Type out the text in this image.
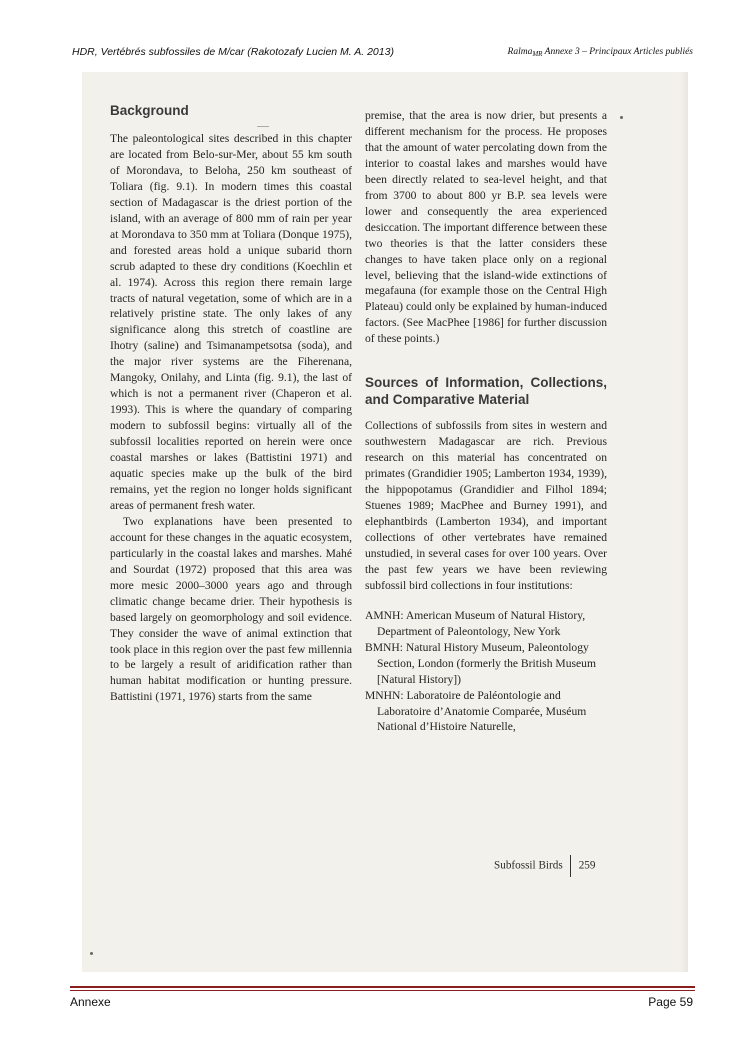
HDR, Vertébrés subfossiles de M/car (Rakotozafy Lucien M. A. 2013)	Ralma$_{MR}$ Annexe 3 – Principaux Articles publiés
Background

The paleontological sites described in this chapter are located from Belo-sur-Mer, about 55 km south of Morondava, to Beloha, 250 km southeast of Toliara (fig. 9.1). In modern times this coastal section of Madagascar is the driest portion of the island, with an average of 800 mm of rain per year at Morondava to 350 mm at Toliara (Donque 1975), and forested areas hold a unique subarid thorn scrub adapted to these dry conditions (Koechlin et al. 1974). Across this region there remain large tracts of natural vegetation, some of which are in a relatively pristine state. The only lakes of any significance along this stretch of coastline are Ihotry (saline) and Tsimanampetsotsa (soda), and the major river systems are the Fiherenana, Mangoky, Onilahy, and Linta (fig. 9.1), the last of which is not a permanent river (Chaperon et al. 1993). This is where the quandary of comparing modern to subfossil begins: virtually all of the subfossil localities reported on herein were once coastal marshes or lakes (Battistini 1971) and aquatic species make up the bulk of the bird remains, yet the region no longer holds significant areas of permanent fresh water.

Two explanations have been presented to account for these changes in the aquatic ecosystem, particularly in the coastal lakes and marshes. Mahé and Sourdat (1972) proposed that this area was more mesic 2000–3000 years ago and through climatic change became drier. Their hypothesis is based largely on geomorphology and soil evidence. They consider the wave of animal extinction that took place in this region over the past few millennia to be largely a result of aridification rather than human habitat modification or hunting pressure. Battistini (1971, 1976) starts from the same

premise, that the area is now drier, but presents a different mechanism for the process. He proposes that the amount of water percolating down from the interior to coastal lakes and marshes would have been directly related to sea-level height, and that from 3700 to about 800 yr B.P. sea levels were lower and consequently the area experienced desiccation. The important difference between these two theories is that the latter considers these changes to have taken place only on a regional level, believing that the island-wide extinctions of megafauna (for example those on the Central High Plateau) could only be explained by human-induced factors. (See MacPhee [1986] for further discussion of these points.)

Sources of Information, Collections, and Comparative Material

Collections of subfossils from sites in western and southwestern Madagascar are rich. Previous research on this material has concentrated on primates (Grandidier 1905; Lamberton 1934, 1939), the hippopotamus (Grandidier and Filhol 1894; Stuenes 1989; MacPhee and Burney 1991), and elephantbirds (Lamberton 1934), and important collections of other vertebrates have remained unstudied, in several cases for over 100 years. Over the past few years we have been reviewing subfossil bird collections in four institutions:

AMNH: American Museum of Natural History, Department of Paleontology, New York

BMNH: Natural History Museum, Paleontology Section, London (formerly the British Museum [Natural History])

MNHN: Laboratoire de Paléontologie and Laboratoire d’Anatomie Comparée, Muséum National d’Histoire Naturelle,

Subfossil Birds 259
Annexe	Page 59
